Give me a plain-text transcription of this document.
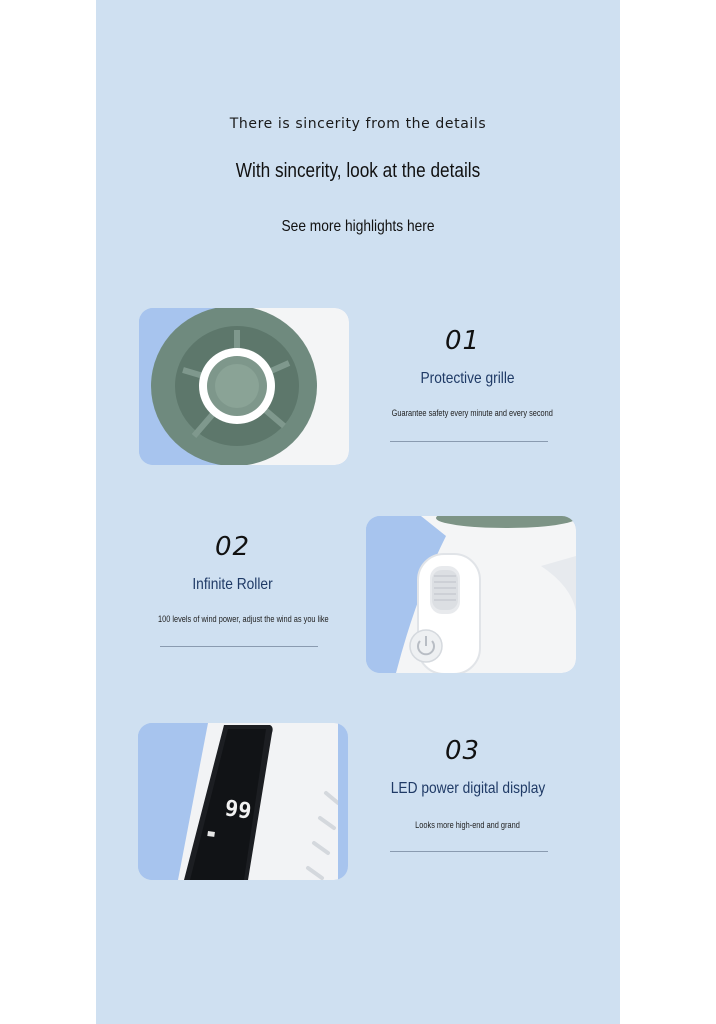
There is sincerity from the details
With sincerity, look at the details
See more highlights here
01
Protective grille
Guarantee safety every minute and every second
02
Infinite Roller
100 levels of wind power, adjust the wind as you like
99
03
LED power digital display
Looks more high-end and grand
